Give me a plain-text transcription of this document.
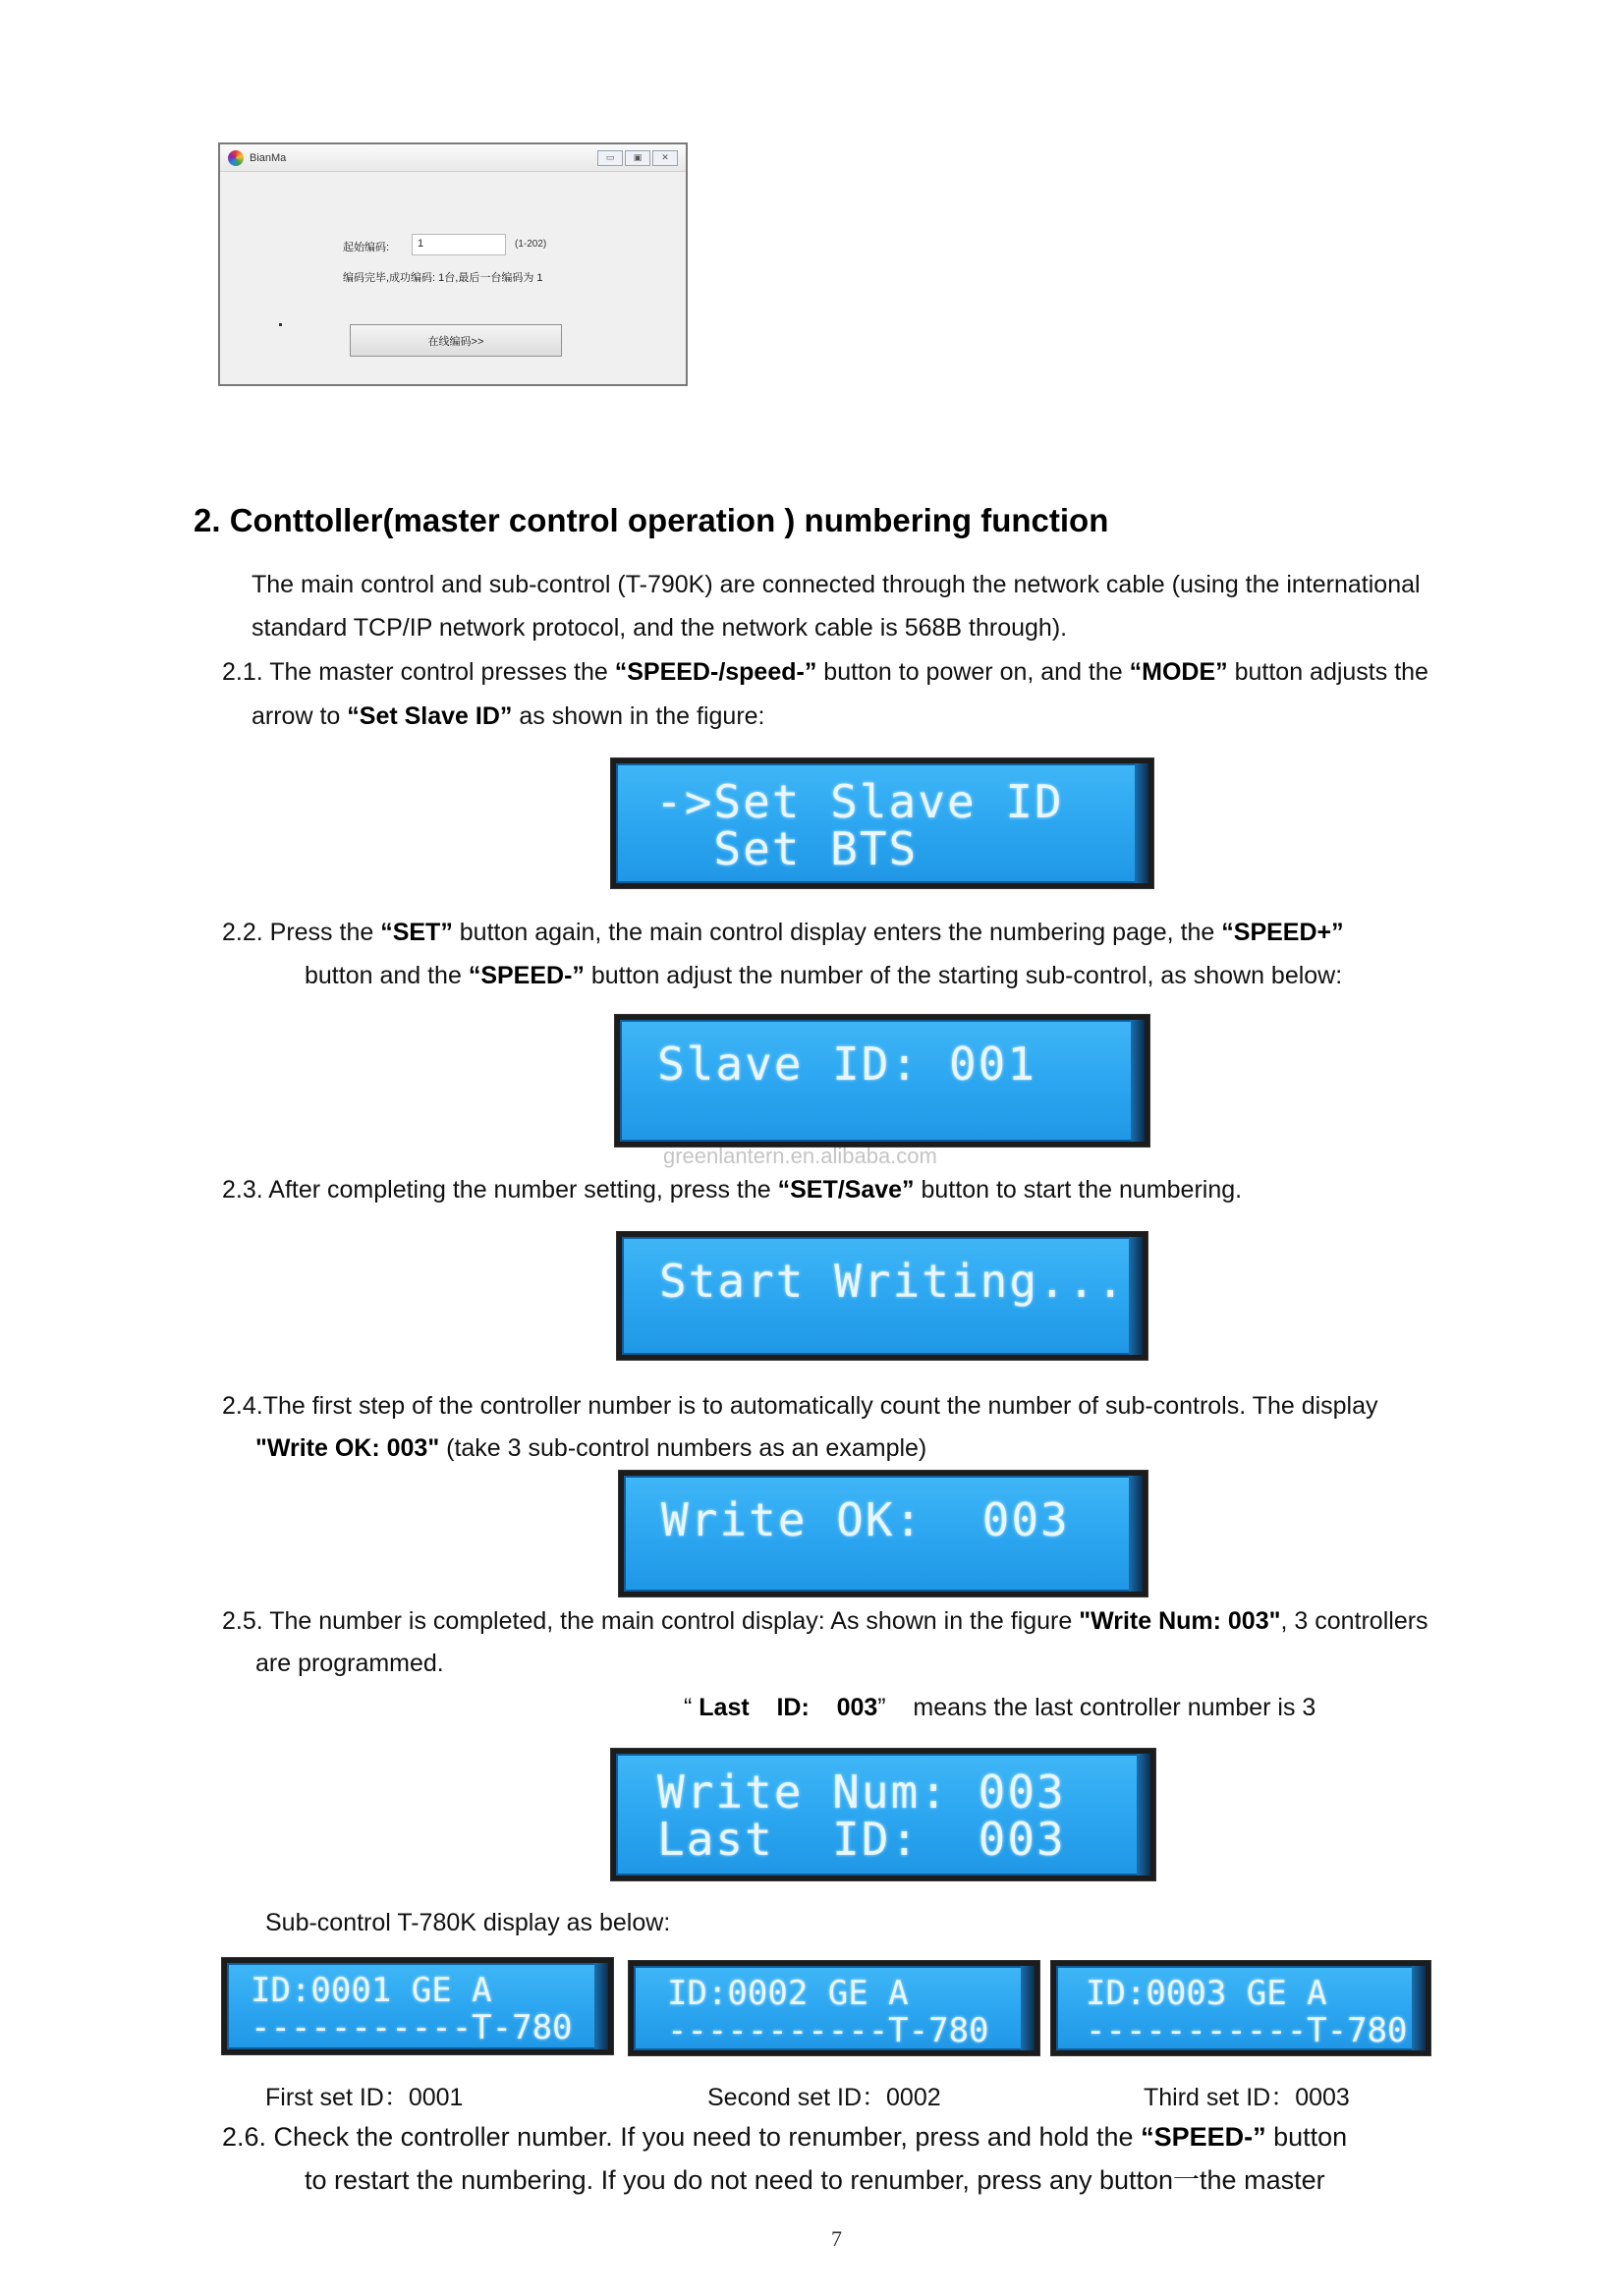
BianMa	▭	▣	✕
起始编码:	1	(1-202)
编码完毕,成功编码: 1台,最后一台编码为 1
在线编码>>
2. Conttoller(master control operation ) numbering function
The main control and sub-control (T-790K) are connected through the network cable (using the international
standard TCP/IP network protocol, and the network cable is 568B through).
2.1. The master control presses the “SPEED-/speed-” button to power on, and the “MODE” button adjusts the
arrow to “Set Slave ID” as shown in the figure:
->Set Slave ID
Set BTS
2.2. Press the “SET” button again, the main control display enters the numbering page, the “SPEED+”
button and the “SPEED-” button adjust the number of the starting sub-control, as shown below:
Slave ID: 001
greenlantern.en.alibaba.com
2.3. After completing the number setting, press the “SET/Save” button to start the numbering.
Start Writing...
2.4.The first step of the controller number is to automatically count the number of sub-controls. The display
"Write OK: 003" (take 3 sub-control numbers as an example)
Write OK:  003
2.5. The number is completed, the main control display: As shown in the figure "Write Num: 003", 3 controllers
are programmed.
“ Last    ID:    003”    means the last controller number is 3
Write Num: 003
Last  ID:  003
Sub-control T-780K display as below:
ID:0001 GE A
-----------T-780
ID:0002 GE A
-----------T-780
ID:0003 GE A
-----------T-780
First set ID：0001	Second set ID：0002	Third set ID：0003
2.6. Check the controller number. If you need to renumber, press and hold the “SPEED-” button
to restart the numbering. If you do not need to renumber, press any button一the master
7
